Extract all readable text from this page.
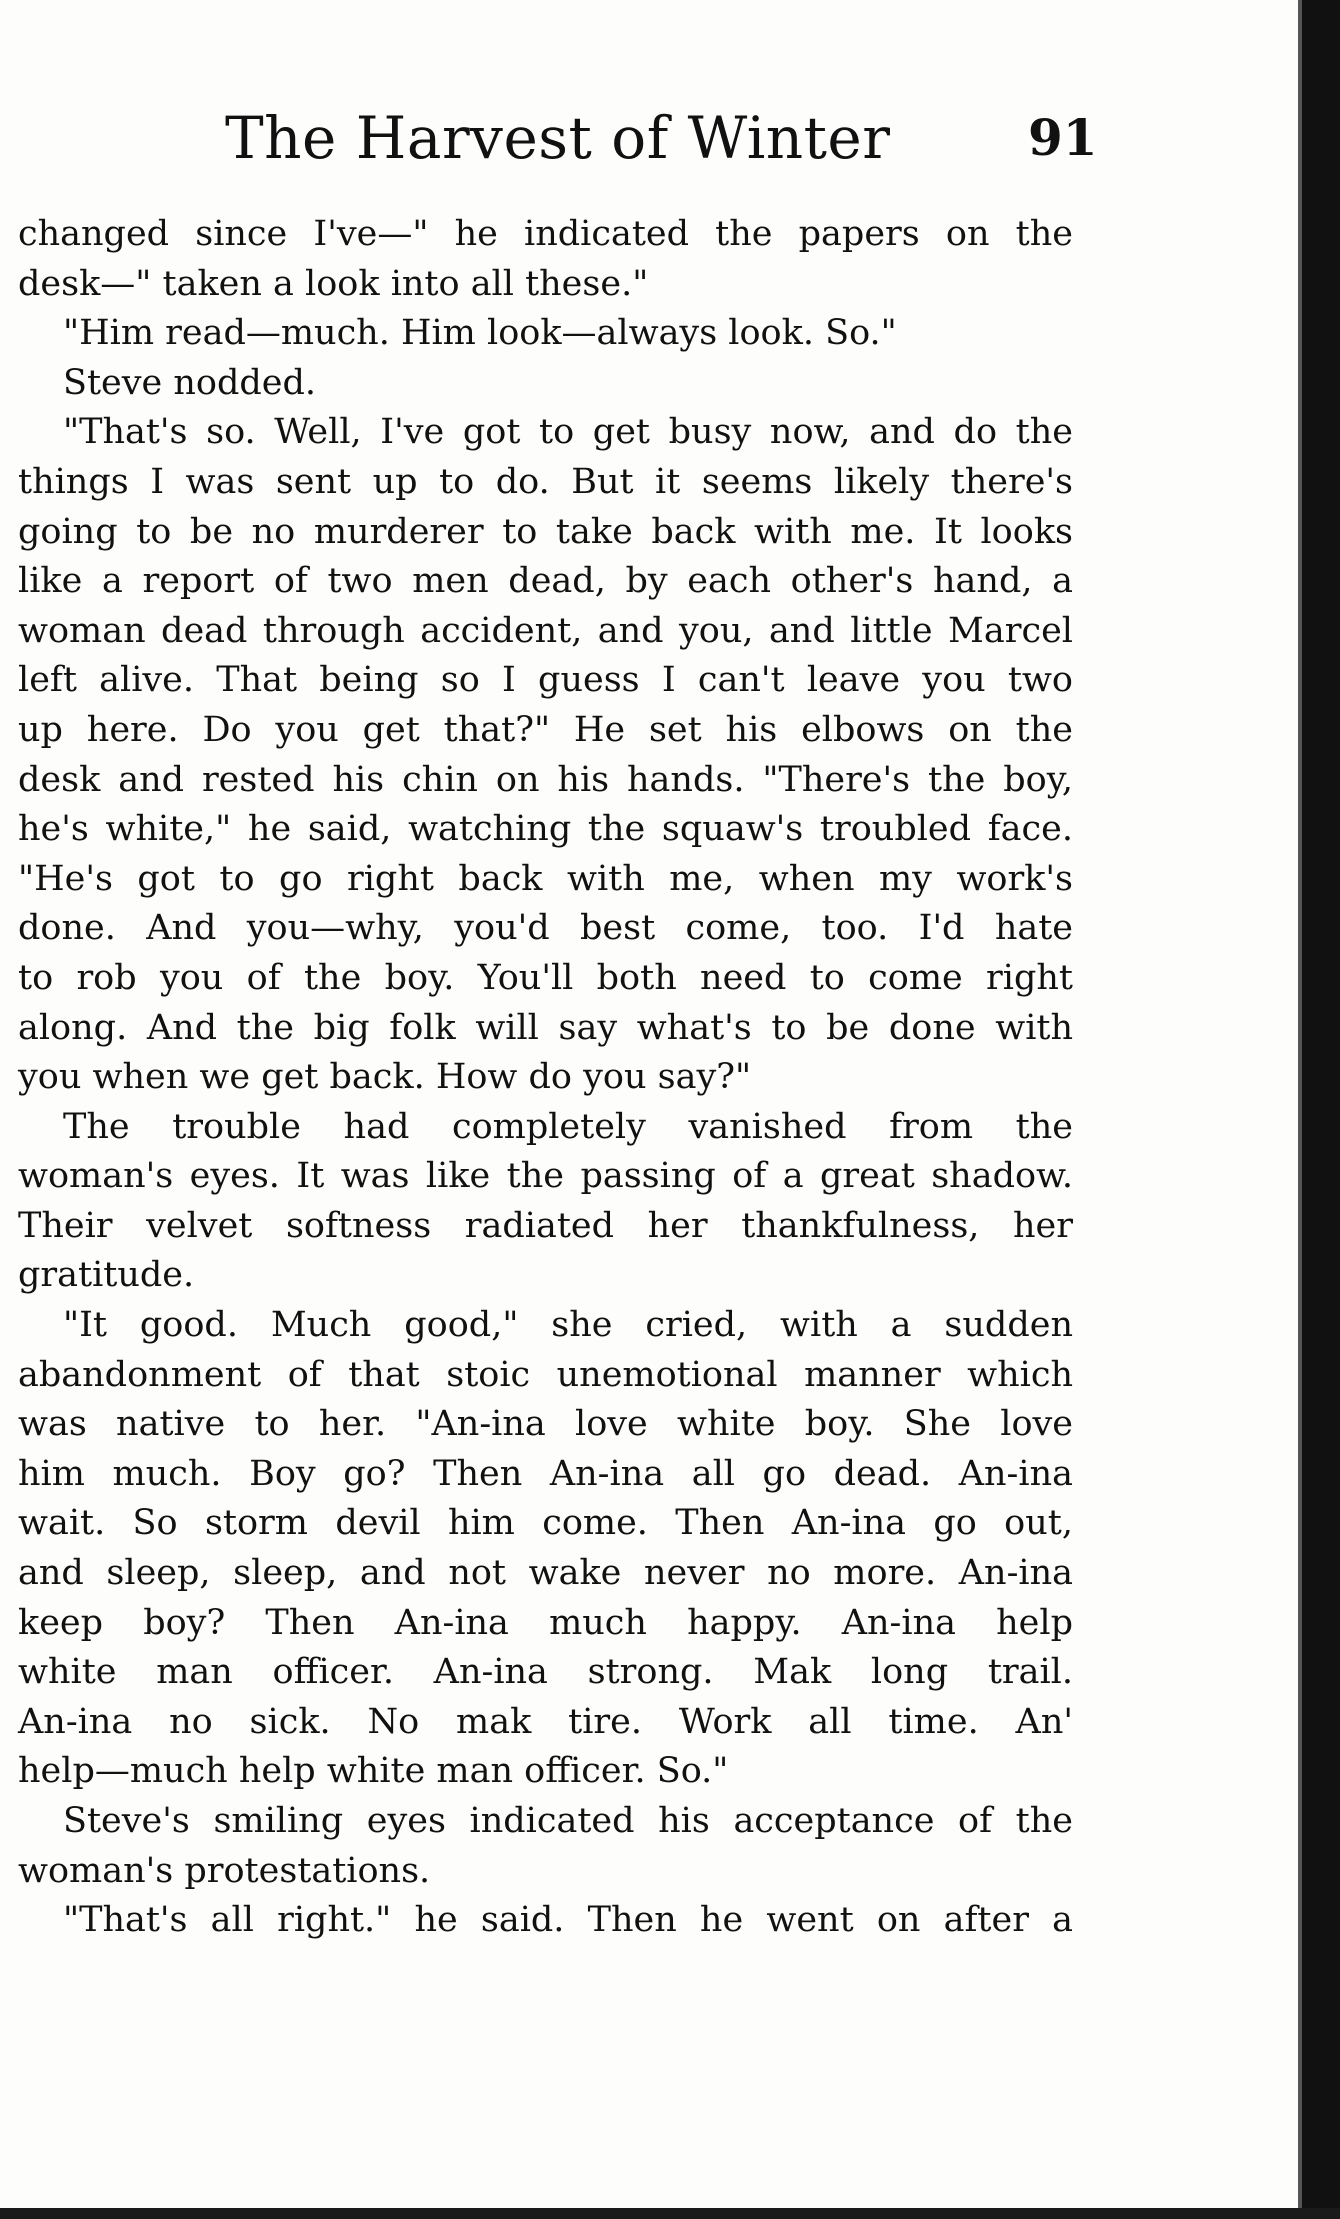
The Harvest of Winter	91
changed since I've—" he indicated the papers on the
desk—" taken a look into all these."
"Him read—much. Him look—always look. So."
Steve nodded.
"That's so. Well, I've got to get busy now, and do the
things I was sent up to do. But it seems likely there's
going to be no murderer to take back with me. It looks
like a report of two men dead, by each other's hand, a
woman dead through accident, and you, and little Marcel
left alive. That being so I guess I can't leave you two
up here. Do you get that?" He set his elbows on the
desk and rested his chin on his hands. "There's the boy,
he's white," he said, watching the squaw's troubled face.
"He's got to go right back with me, when my work's
done. And you—why, you'd best come, too. I'd hate
to rob you of the boy. You'll both need to come right
along. And the big folk will say what's to be done with
you when we get back. How do you say?"
The trouble had completely vanished from the
woman's eyes. It was like the passing of a great shadow.
Their velvet softness radiated her thankfulness, her
gratitude.
"It good. Much good," she cried, with a sudden
abandonment of that stoic unemotional manner which
was native to her. "An-ina love white boy. She love
him much. Boy go? Then An-ina all go dead. An-ina
wait. So storm devil him come. Then An-ina go out,
and sleep, sleep, and not wake never no more. An-ina
keep boy? Then An-ina much happy. An-ina help
white man officer. An-ina strong. Mak long trail.
An-ina no sick. No mak tire. Work all time. An'
help—much help white man officer. So."
Steve's smiling eyes indicated his acceptance of the
woman's protestations.
"That's all right." he said. Then he went on after a
